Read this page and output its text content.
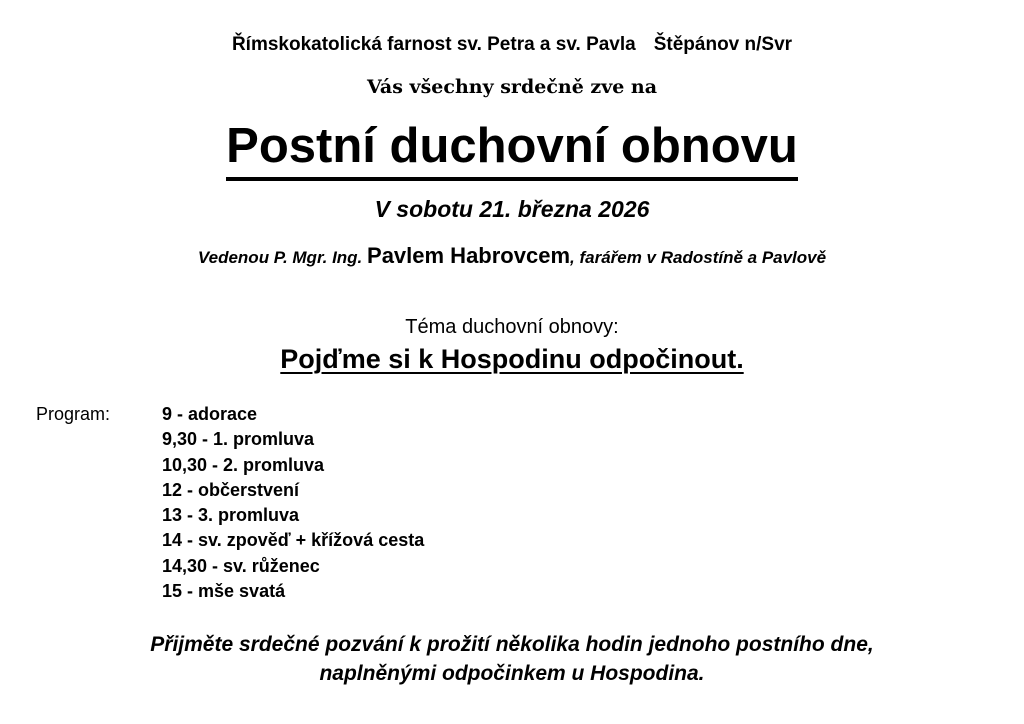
Římskokatolická farnost sv. Petra a sv. Pavla Štěpánov n/Svr
Vás všechny srdečně zve na
Postní duchovní obnovu
V sobotu 21. března 2026
Vedenou P. Mgr. Ing. Pavlem Habrovcem, farářem v Radostíně a Pavlově
Téma duchovní obnovy:
Pojďme si k Hospodinu odpočinout.
Program:	9 - adorace
9,30 - 1. promluva
10,30 - 2. promluva
12 - občerstvení
13 - 3. promluva
14 - sv. zpověď + křížová cesta
14,30 - sv. růženec
15 - mše svatá
Přijměte srdečné pozvání k prožití několika hodin jednoho postního dne,
naplněnými odpočinkem u Hospodina.
